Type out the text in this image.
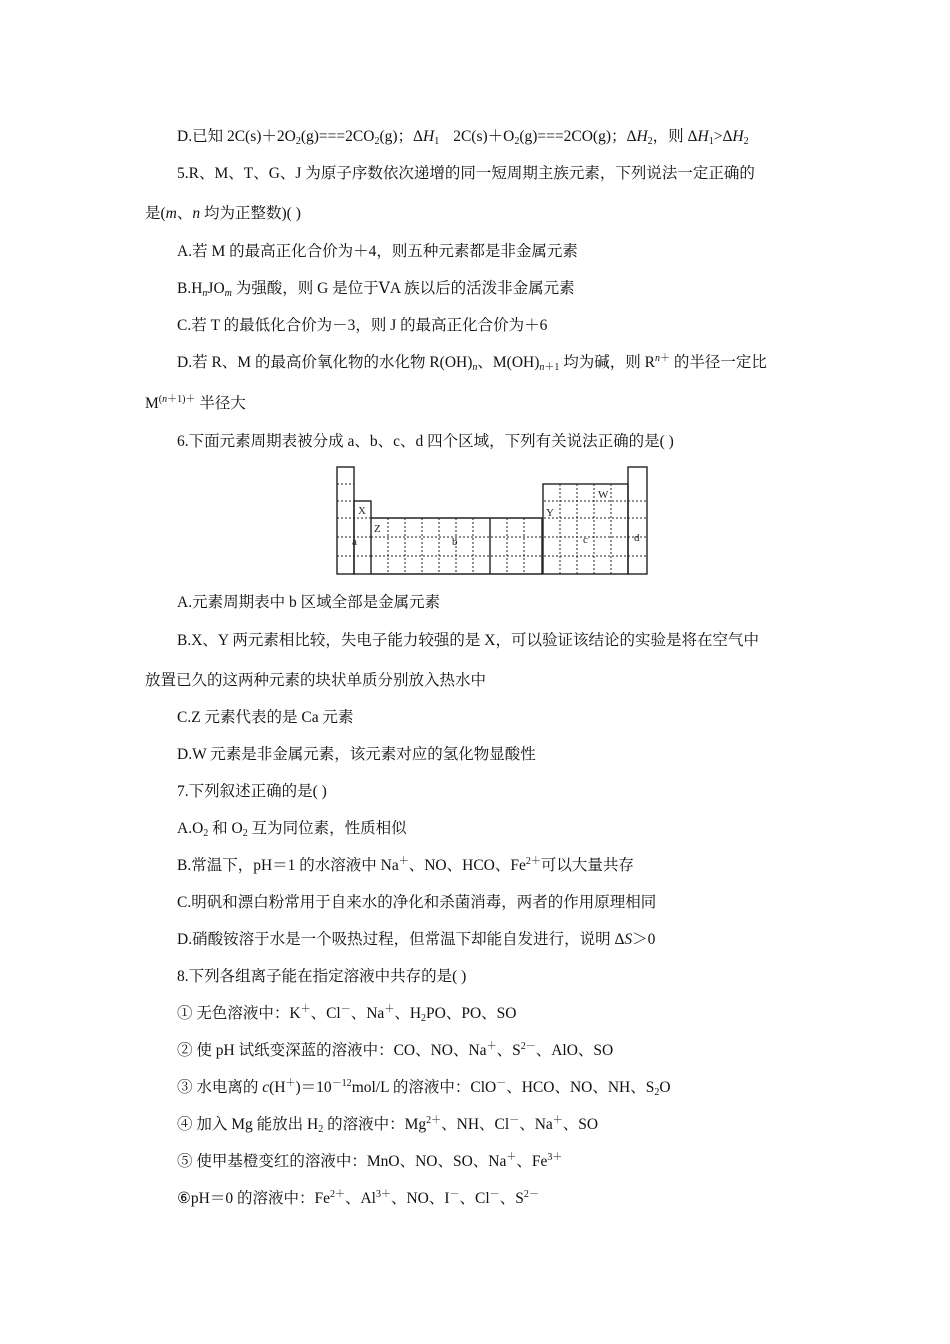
D.已知 $2C(s)+2O_2(g)===2CO_2(g)$；$\Delta H_1$ $2C(s)+O_2(g)===2CO(g)$；$\Delta H_2$，则 $\Delta H_1>\Delta H_2$
5.R、M、T、G、J 为原子序数依次递增的同一短周期主族元素，下列说法一定正确的
是(m、n 均为正整数)( )
A.若 M 的最高正化合价为＋4，则五种元素都是非金属元素
$B.H_nJO_m$ 为强酸，则 G 是位于ⅤA 族以后的活泼非金属元素
C.若 T 的最低化合价为－3，则 J 的最高正化合价为＋6
D.若 R、M 的最高价氧化物的水化物 $R(OH)_n$、$M(OH)_{n+1}$ 均为碱，则 $R^{n+}$ 的半径一定比
$M^{(n+1)+}$ 半径大
6.下面元素周期表被分成 a、b、c、d 四个区域，下列有关说法正确的是( )
X
Z
Y
W
a	b	c	d
A.元素周期表中 b 区域全部是金属元素
B.X、Y 两元素相比较，失电子能力较强的是 X，可以验证该结论的实验是将在空气中
放置已久的这两种元素的块状单质分别放入热水中
C.Z 元素代表的是 Ca 元素
D.W 元素是非金属元素，该元素对应的氢化物显酸性
7.下列叙述正确的是( )
$A.O_2$ 和 $O_2$ 互为同位素，性质相似
B.常温下，pH＝1 的水溶液中 Na＋、NO、HCO、$Fe^{2+}$可以大量共存
C.明矾和漂白粉常用于自来水的净化和杀菌消毒，两者的作用原理相同
D.硝酸铵溶于水是一个吸热过程，但常温下却能自发进行，说明 ΔS＞0
8.下列各组离子能在指定溶液中共存的是( )
① 无色溶液中：K＋、Cl－、Na＋、$H_2PO$、PO、SO
② 使 pH 试纸变深蓝的溶液中：CO、NO、Na＋、$S^{2-}$、AlO、SO
③ 水电离的 $c(H^+)=10^{-12}mol/L$ 的溶液中：ClO－、HCO、NO、NH、$S_2O$
④ 加入 Mg 能放出 $H_2$ 的溶液中：$Mg^{2+}$、NH、Cl－、Na＋、SO
⑤ 使甲基橙变红的溶液中：MnO、NO、SO、Na＋、$Fe^{3+}$
⑥pH＝0 的溶液中：$Fe^{2+}$、$Al^{3+}$、NO、I－、Cl－、$S^{2-}$
